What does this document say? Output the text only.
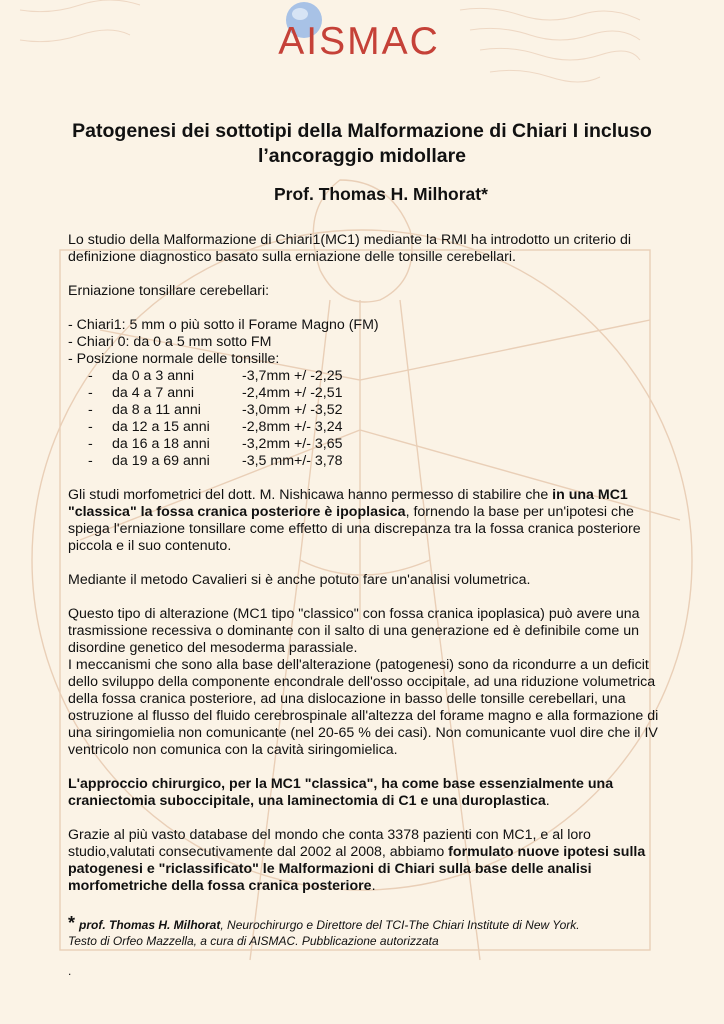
AISMAC
Patogenesi dei sottotipi della Malformazione di Chiari I incluso l’ancoraggio midollare
Prof. Thomas H. Milhorat*

Lo studio della Malformazione di Chiari1(MC1) mediante la RMI ha introdotto un criterio di definizione diagnostico basato sulla erniazione delle tonsille cerebellari.

Erniazione tonsillare cerebellari:

- Chiari1: 5 mm o più sotto il Forame Magno (FM)

- Chiari 0: da 0 a 5 mm sotto FM

- Posizione normale delle tonsille:

-	da 0 a 3 anni	-3,7mm +/ -2,25
-	da 4 a 7 anni	-2,4mm +/ -2,51
-	da 8 a 11 anni	-3,0mm +/ -3,52
-	da 12 a 15 anni	-2,8mm +/- 3,24
-	da 16 a 18 anni	-3,2mm +/- 3,65
-	da 19 a 69 anni	-3,5 mm+/- 3,78

Gli studi morfometrici del dott. M. Nishicawa hanno permesso di stabilire che in una MC1 "classica" la fossa cranica posteriore è ipoplasica, fornendo la base per un'ipotesi che spiega l'erniazione tonsillare come effetto di una discrepanza tra la fossa cranica posteriore piccola e il suo contenuto.

Mediante il metodo Cavalieri si è anche potuto fare un'analisi volumetrica.

Questo tipo di alterazione (MC1 tipo "classico" con fossa cranica ipoplasica) può avere una trasmissione recessiva o dominante con il salto di una generazione ed è definibile come un disordine genetico del mesoderma parassiale.

I meccanismi che sono alla base dell'alterazione (patogenesi) sono da ricondurre a un deficit dello sviluppo della componente encondrale dell'osso occipitale, ad una riduzione volumetrica della fossa cranica posteriore, ad una dislocazione in basso delle tonsille cerebellari, una ostruzione al flusso del fluido cerebrospinale all'altezza del forame magno e alla formazione di una siringomielia non comunicante (nel 20-65 % dei casi). Non comunicante vuol dire che il IV ventricolo non comunica con la cavità siringomielica.

L'approccio chirurgico, per la MC1 "classica", ha come base essenzialmente una craniectomia suboccipitale, una laminectomia di C1 e una duroplastica.

Grazie al più vasto database del mondo che conta 3378 pazienti con MC1, e al loro studio,valutati consecutivamente dal 2002 al 2008, abbiamo formulato nuove ipotesi sulla patogenesi e "riclassificato" le Malformazioni di Chiari sulla base delle analisi morfometriche della fossa cranica posteriore.

* prof. Thomas H. Milhorat, Neurochirurgo e Direttore del TCI-The Chiari Institute di New York.
Testo di Orfeo Mazzella, a cura di AISMAC. Pubblicazione autorizzata
.
